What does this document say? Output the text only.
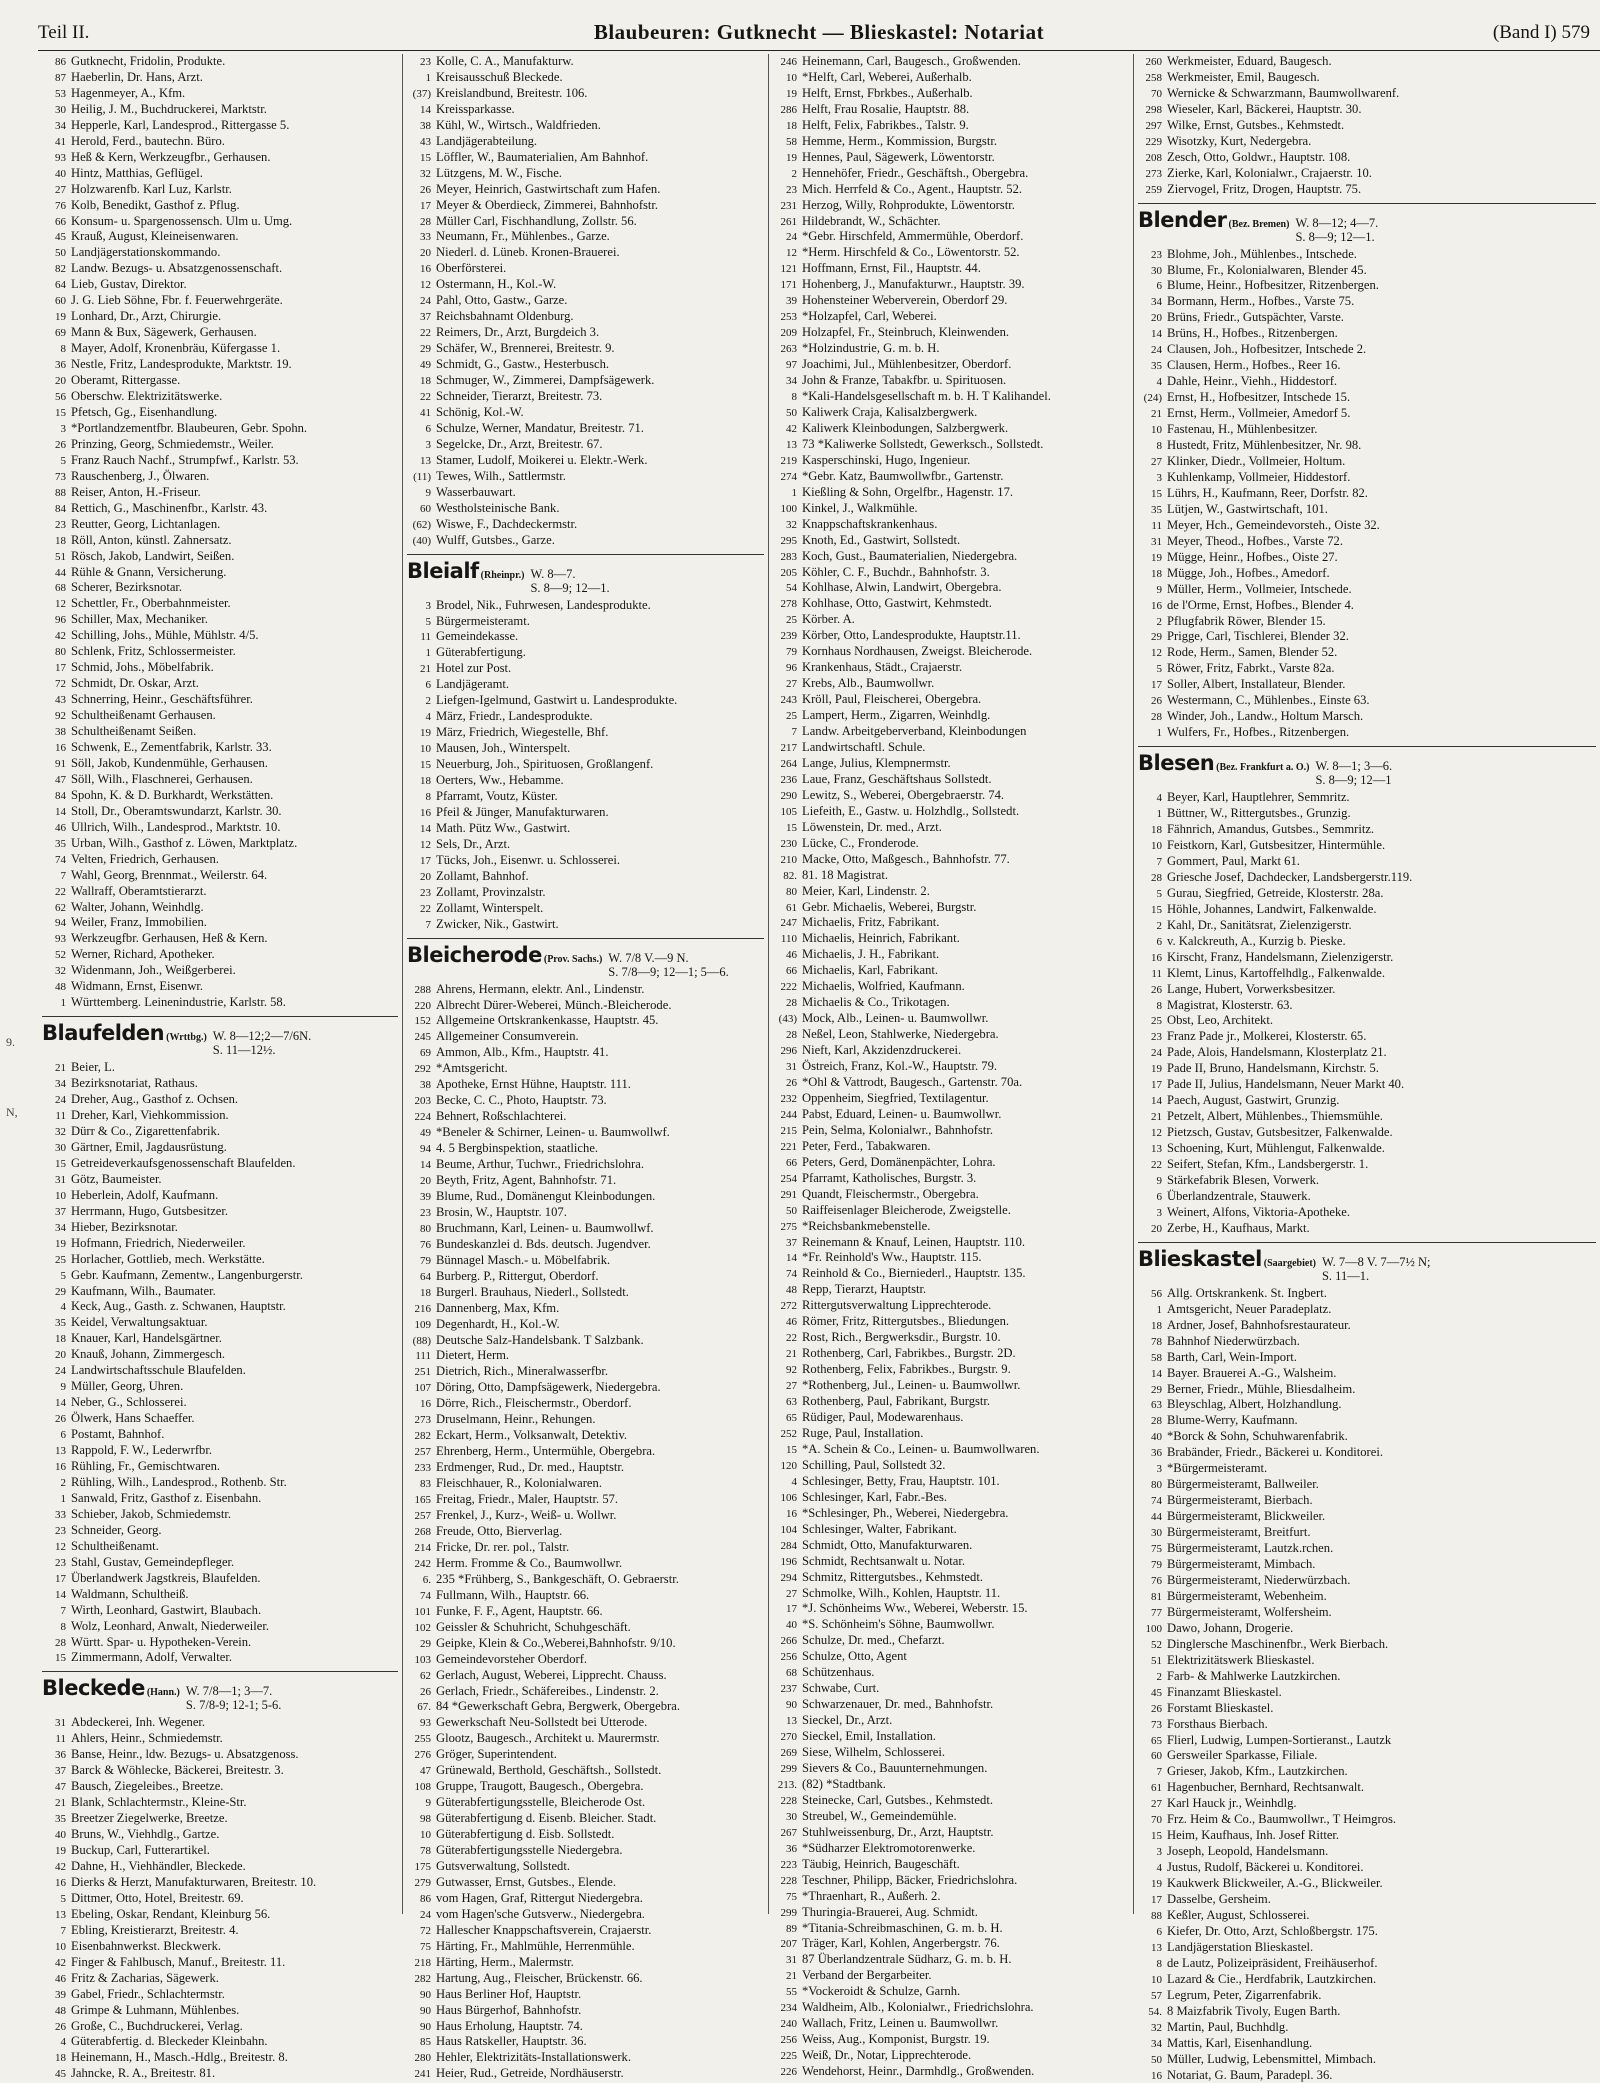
Teil II.	Blaubeuren: Gutknecht — Blieskastel: Notariat	(Band I) 579
86 Gutknecht, Fridolin, Produkte.
87 Haeberlin, Dr. Hans, Arzt.
53 Hagenmeyer, A., Kfm.
30 Heilig, J. M., Buchdruckerei, Marktstr.
34 Hepperle, Karl, Landesprod., Rittergasse 5.
41 Herold, Ferd., bautechn. Büro.
93 Heß & Kern, Werkzeugfbr., Gerhausen.
40 Hintz, Matthias, Geflügel.
27 Holzwarenfb. Karl Luz, Karlstr.
76 Kolb, Benedikt, Gasthof z. Pflug.
66 Konsum- u. Spargenossensch. Ulm u. Umg.
45 Krauß, August, Kleineisenwaren.
50 Landjägerstationskommando.
82 Landw. Bezugs- u. Absatzgenossenschaft.
64 Lieb, Gustav, Direktor.
60 J. G. Lieb Söhne, Fbr. f. Feuerwehrgeräte.
19 Lonhard, Dr., Arzt, Chirurgie.
69 Mann & Bux, Sägewerk, Gerhausen.
8 Mayer, Adolf, Kronenbräu, Küfergasse 1.
36 Nestle, Fritz, Landesprodukte, Marktstr. 19.
20 Oberamt, Rittergasse.
56 Oberschw. Elektrizitätswerke.
15 Pfetsch, Gg., Eisenhandlung.
3 *Portlandzementfbr. Blaubeuren, Gebr. Spohn.
26 Prinzing, Georg, Schmiedemstr., Weiler.
5 Franz Rauch Nachf., Strumpfwf., Karlstr. 53.
73 Rauschenberg, J., Ölwaren.
88 Reiser, Anton, H.-Friseur.
84 Rettich, G., Maschinenfbr., Karlstr. 43.
23 Reutter, Georg, Lichtanlagen.
18 Röll, Anton, künstl. Zahnersatz.
51 Rösch, Jakob, Landwirt, Seißen.
44 Rühle & Gnann, Versicherung.
68 Scherer, Bezirksnotar.
12 Schettler, Fr., Oberbahnmeister.
96 Schiller, Max, Mechaniker.
42 Schilling, Johs., Mühle, Mühlstr. 4/5.
80 Schlenk, Fritz, Schlossermeister.
17 Schmid, Johs., Möbelfabrik.
72 Schmidt, Dr. Oskar, Arzt.
43 Schnerring, Heinr., Geschäftsführer.
92 Schultheißenamt Gerhausen.
38 Schultheißenamt Seißen.
16 Schwenk, E., Zementfabrik, Karlstr. 33.
91 Söll, Jakob, Kundenmühle, Gerhausen.
47 Söll, Wilh., Flaschnerei, Gerhausen.
84 Spohn, K. & D. Burkhardt, Werkstätten.
14 Stoll, Dr., Oberamtswundarzt, Karlstr. 30.
46 Ullrich, Wilh., Landesprod., Marktstr. 10.
35 Urban, Wilh., Gasthof z. Löwen, Marktplatz.
74 Velten, Friedrich, Gerhausen.
7 Wahl, Georg, Brennmat., Weilerstr. 64.
22 Wallraff, Oberamtstierarzt.
62 Walter, Johann, Weinhdlg.
94 Weiler, Franz, Immobilien.
93 Werkzeugfbr. Gerhausen, Heß & Kern.
52 Werner, Richard, Apotheker.
32 Widenmann, Joh., Weißgerberei.
48 Widmann, Ernst, Eisenwr.
1 Württemberg. Leinenindustrie, Karlstr. 58.
Blaufelden (Wrttbg.) W. 8—12;2—7/6N.
S. 11—12½.
21 Beier, L.
34 Bezirksnotariat, Rathaus.
24 Dreher, Aug., Gasthof z. Ochsen.
11 Dreher, Karl, Viehkommission.
32 Dürr & Co., Zigarettenfabrik.
30 Gärtner, Emil, Jagdausrüstung.
15 Getreideverkaufsgenossenschaft Blaufelden.
31 Götz, Baumeister.
10 Heberlein, Adolf, Kaufmann.
37 Herrmann, Hugo, Gutsbesitzer.
34 Hieber, Bezirksnotar.
19 Hofmann, Friedrich, Niederweiler.
25 Horlacher, Gottlieb, mech. Werkstätte.
5 Gebr. Kaufmann, Zementw., Langenburgerstr.
29 Kaufmann, Wilh., Baumater.
4 Keck, Aug., Gasth. z. Schwanen, Hauptstr.
35 Keidel, Verwaltungsaktuar.
18 Knauer, Karl, Handelsgärtner.
20 Knauß, Johann, Zimmergesch.
24 Landwirtschaftsschule Blaufelden.
9 Müller, Georg, Uhren.
14 Neber, G., Schlosserei.
26 Ölwerk, Hans Schaeffer.
6 Postamt, Bahnhof.
13 Rappold, F. W., Lederwrfbr.
16 Rühling, Fr., Gemischtwaren.
2 Rühling, Wilh., Landesprod., Rothenb. Str.
1 Sanwald, Fritz, Gasthof z. Eisenbahn.
33 Schieber, Jakob, Schmiedemstr.
23 Schneider, Georg.
12 Schultheißenamt.
23 Stahl, Gustav, Gemeindepfleger.
17 Überlandwerk Jagstkreis, Blaufelden.
14 Waldmann, Schultheiß.
7 Wirth, Leonhard, Gastwirt, Blaubach.
8 Wolz, Leonhard, Anwalt, Niederweiler.
28 Württ. Spar- u. Hypotheken-Verein.
15 Zimmermann, Adolf, Verwalter.
Bleckede (Hann.) W. 7/8—1; 3—7.
S. 7/8-9; 12-1; 5-6.
31 Abdeckerei, Inh. Wegener.
11 Ahlers, Heinr., Schmiedemstr.
36 Banse, Heinr., ldw. Bezugs- u. Absatzgenoss.
37 Barck & Wöhlecke, Bäckerei, Breitestr. 3.
47 Bausch, Ziegeleibes., Breetze.
21 Blank, Schlachtermstr., Kleine-Str.
35 Breetzer Ziegelwerke, Breetze.
40 Bruns, W., Viehhdlg., Gartze.
19 Buckup, Carl, Futterartikel.
42 Dahne, H., Viehhändler, Bleckede.
16 Dierks & Herzt, Manufakturwaren, Breitestr. 10.
5 Dittmer, Otto, Hotel, Breitestr. 69.
13 Ebeling, Oskar, Rendant, Kleinburg 56.
7 Ebling, Kreistierarzt, Breitestr. 4.
10 Eisenbahnwerkst. Bleckwerk.
42 Finger & Fahlbusch, Manuf., Breitestr. 11.
46 Fritz & Zacharias, Sägewerk.
39 Gabel, Friedr., Schlachtermstr.
48 Grimpe & Luhmann, Mühlenbes.
26 Große, C., Buchdruckerei, Verlag.
4 Güterabfertig. d. Bleckeder Kleinbahn.
18 Heinemann, H., Masch.-Hdlg., Breitestr. 8.
45 Jahncke, R. A., Breitestr. 81.
23 Kolle, C. A., Manufakturw.
1 Kreisausschuß Bleckede.
(37) Kreislandbund, Breitestr. 106.
14 Kreissparkasse.
38 Kühl, W., Wirtsch., Waldfrieden.
43 Landjägerabteilung.
15 Löffler, W., Baumaterialien, Am Bahnhof.
32 Lützgens, M. W., Fische.
26 Meyer, Heinrich, Gastwirtschaft zum Hafen.
17 Meyer & Oberdieck, Zimmerei, Bahnhofstr.
28 Müller Carl, Fischhandlung, Zollstr. 56.
33 Neumann, Fr., Mühlenbes., Garze.
20 Niederl. d. Lüneb. Kronen-Brauerei.
16 Oberförsterei.
12 Ostermann, H., Kol.-W.
24 Pahl, Otto, Gastw., Garze.
37 Reichsbahnamt Oldenburg.
22 Reimers, Dr., Arzt, Burgdeich 3.
29 Schäfer, W., Brennerei, Breitestr. 9.
49 Schmidt, G., Gastw., Hesterbusch.
18 Schmuger, W., Zimmerei, Dampfsägewerk.
22 Schneider, Tierarzt, Breitestr. 73.
41 Schönig, Kol.-W.
6 Schulze, Werner, Mandatur, Breitestr. 71.
3 Segelcke, Dr., Arzt, Breitestr. 67.
13 Stamer, Ludolf, Moikerei u. Elektr.-Werk.
(11) Tewes, Wilh., Sattlermstr.
9 Wasserbauwart.
60 Westholsteinische Bank.
(62) Wiswe, F., Dachdeckermstr.
(40) Wulff, Gutsbes., Garze.
Bleialf (Rheinpr.) W. 8—7.
S. 8—9; 12—1.
3 Brodel, Nik., Fuhrwesen, Landesprodukte.
5 Bürgermeisteramt.
11 Gemeindekasse.
1 Güterabfertigung.
21 Hotel zur Post.
6 Landjägeramt.
2 Liefgen-Igelmund, Gastwirt u. Landesprodukte.
4 März, Friedr., Landesprodukte.
19 März, Friedrich, Wiegestelle, Bhf.
10 Mausen, Joh., Winterspelt.
15 Neuerburg, Joh., Spirituosen, Großlangenf.
18 Oerters, Ww., Hebamme.
8 Pfarramt, Voutz, Küster.
16 Pfeil & Jünger, Manufakturwaren.
14 Math. Pütz Ww., Gastwirt.
12 Sels, Dr., Arzt.
17 Tücks, Joh., Eisenwr. u. Schlosserei.
20 Zollamt, Bahnhof.
23 Zollamt, Provinzalstr.
22 Zollamt, Winterspelt.
7 Zwicker, Nik., Gastwirt.
Bleicherode (Prov. Sachs.) W. 7/8 V.—9 N.
S. 7/8—9; 12—1; 5—6.
288 Ahrens, Hermann, elektr. Anl., Lindenstr.
220 Albrecht Dürer-Weberei, Münch.-Bleicherode.
152 Allgemeine Ortskrankenkasse, Hauptstr. 45.
245 Allgemeiner Consumverein.
69 Ammon, Alb., Kfm., Hauptstr. 41.
292 *Amtsgericht.
38 Apotheke, Ernst Hühne, Hauptstr. 111.
203 Becke, C. C., Photo, Hauptstr. 73.
224 Behnert, Roßschlachterei.
49 *Beneler & Schirner, Leinen- u. Baumwollwf.
94 4. 5 Bergbinspektion, staatliche.
14 Beume, Arthur, Tuchwr., Friedrichslohra.
20 Beyth, Fritz, Agent, Bahnhofstr. 71.
39 Blume, Rud., Domänengut Kleinbodungen.
23 Brosin, W., Hauptstr. 107.
80 Bruchmann, Karl, Leinen- u. Baumwollwf.
76 Bundeskanzlei d. Bds. deutsch. Jugendver.
79 Bünnagel Masch.- u. Möbelfabrik.
64 Burberg. P., Rittergut, Oberdorf.
18 Burgerl. Brauhaus, Niederl., Sollstedt.
216 Dannenberg, Max, Kfm.
109 Degenhardt, H., Kol.-W.
(88) Deutsche Salz-Handelsbank. T Salzbank.
111 Dietert, Herm.
251 Dietrich, Rich., Mineralwasserfbr.
107 Döring, Otto, Dampfsägewerk, Niedergebra.
16 Dörre, Rich., Fleischermstr., Oberdorf.
273 Druselmann, Heinr., Rehungen.
282 Eckart, Herm., Volksanwalt, Detektiv.
257 Ehrenberg, Herm., Untermühle, Obergebra.
233 Erdmenger, Rud., Dr. med., Hauptstr.
83 Fleischhauer, R., Kolonialwaren.
165 Freitag, Friedr., Maler, Hauptstr. 57.
257 Frenkel, J., Kurz-, Weiß- u. Wollwr.
268 Freude, Otto, Bierverlag.
214 Fricke, Dr. rer. pol., Talstr.
242 Herm. Fromme & Co., Baumwollwr.
6. 235 *Frühberg, S., Bankgeschäft, O. Gebraerstr.
74 Fullmann, Wilh., Hauptstr. 66.
101 Funke, F. F., Agent, Hauptstr. 66.
102 Geissler & Schuhricht, Schuhgeschäft.
29 Geipke, Klein & Co.,Weberei,Bahnhofstr. 9/10.
103 Gemeindevorsteher Oberdorf.
62 Gerlach, August, Weberei, Lipprecht. Chauss.
26 Gerlach, Friedr., Schäfereibes., Lindenstr. 2.
67. 84 *Gewerkschaft Gebra, Bergwerk, Obergebra.
93 Gewerkschaft Neu-Sollstedt bei Utterode.
255 Glootz, Baugesch., Architekt u. Maurermstr.
276 Gröger, Superintendent.
47 Grünewald, Berthold, Geschäftsh., Sollstedt.
108 Gruppe, Traugott, Baugesch., Obergebra.
9 Güterabfertigungsstelle, Bleicherode Ost.
98 Güterabfertigung d. Eisenb. Bleicher. Stadt.
10 Güterabfertigung d. Eisb. Sollstedt.
78 Güterabfertigungsstelle Niedergebra.
175 Gutsverwaltung, Sollstedt.
279 Gutwasser, Ernst, Gutsbes., Elende.
86 vom Hagen, Graf, Rittergut Niedergebra.
24 vom Hagen'sche Gutsverw., Niedergebra.
72 Hallescher Knappschaftsverein, Crajaerstr.
75 Härting, Fr., Mahlmühle, Herrenmühle.
218 Härting, Herm., Malermstr.
282 Hartung, Aug., Fleischer, Brückenstr. 66.
90 Haus Berliner Hof, Hauptstr.
90 Haus Bürgerhof, Bahnhofstr.
90 Haus Erholung, Hauptstr. 74.
85 Haus Ratskeller, Hauptstr. 36.
280 Hehler, Elektrizitäts-Installationswerk.
241 Heier, Rud., Getreide, Nordhäuserstr.
246 Heinemann, Carl, Baugesch., Großwenden.
10 *Helft, Carl, Weberei, Außerhalb.
19 Helft, Ernst, Fbrkbes., Außerhalb.
286 Helft, Frau Rosalie, Hauptstr. 88.
18 Helft, Felix, Fabrikbes., Talstr. 9.
58 Hemme, Herm., Kommission, Burgstr.
19 Hennes, Paul, Sägewerk, Löwentorstr.
2 Hennehöfer, Friedr., Geschäftsh., Obergebra.
23 Mich. Herrfeld & Co., Agent., Hauptstr. 52.
231 Herzog, Willy, Rohprodukte, Löwentorstr.
261 Hildebrandt, W., Schächter.
24 *Gebr. Hirschfeld, Ammermühle, Oberdorf.
12 *Herm. Hirschfeld & Co., Löwentorstr. 52.
121 Hoffmann, Ernst, Fil., Hauptstr. 44.
171 Hohenberg, J., Manufakturwr., Hauptstr. 39.
39 Hohensteiner Weberverein, Oberdorf 29.
253 *Holzapfel, Carl, Weberei.
209 Holzapfel, Fr., Steinbruch, Kleinwenden.
263 *Holzindustrie, G. m. b. H.
97 Joachimi, Jul., Mühlenbesitzer, Oberdorf.
34 John & Franze, Tabakfbr. u. Spirituosen.
8 *Kali-Handelsgesellschaft m. b. H. T Kalihandel.
50 Kaliwerk Craja, Kalisalzbergwerk.
42 Kaliwerk Kleinbodungen, Salzbergwerk.
13 73 *Kaliwerke Sollstedt, Gewerksch., Sollstedt.
219 Kasperschinski, Hugo, Ingenieur.
274 *Gebr. Katz, Baumwollwfbr., Gartenstr.
1 Kießling & Sohn, Orgelfbr., Hagenstr. 17.
100 Kinkel, J., Walkmühle.
32 Knappschaftskrankenhaus.
295 Knoth, Ed., Gastwirt, Sollstedt.
283 Koch, Gust., Baumaterialien, Niedergebra.
205 Köhler, C. F., Buchdr., Bahnhofstr. 3.
54 Kohlhase, Alwin, Landwirt, Obergebra.
278 Kohlhase, Otto, Gastwirt, Kehmstedt.
25 Körber. A.
239 Körber, Otto, Landesprodukte, Hauptstr.11.
79 Kornhaus Nordhausen, Zweigst. Bleicherode.
96 Krankenhaus, Städt., Crajaerstr.
27 Krebs, Alb., Baumwollwr.
243 Kröll, Paul, Fleischerei, Obergebra.
25 Lampert, Herm., Zigarren, Weinhdlg.
7 Landw. Arbeitgeberverband, Kleinbodungen
217 Landwirtschaftl. Schule.
264 Lange, Julius, Klempnermstr.
236 Laue, Franz, Geschäftshaus Sollstedt.
290 Lewitz, S., Weberei, Obergebraerstr. 74.
105 Liefeith, E., Gastw. u. Holzhdlg., Sollstedt.
15 Löwenstein, Dr. med., Arzt.
230 Lücke, C., Fronderode.
210 Macke, Otto, Maßgesch., Bahnhofstr. 77.
82. 81. 18 Magistrat.
80 Meier, Karl, Lindenstr. 2.
61 Gebr. Michaelis, Weberei, Burgstr.
247 Michaelis, Fritz, Fabrikant.
110 Michaelis, Heinrich, Fabrikant.
46 Michaelis, J. H., Fabrikant.
66 Michaelis, Karl, Fabrikant.
222 Michaelis, Wolfried, Kaufmann.
28 Michaelis & Co., Trikotagen.
(43) Mock, Alb., Leinen- u. Baumwollwr.
28 Neßel, Leon, Stahlwerke, Niedergebra.
296 Nieft, Karl, Akzidenzdruckerei.
31 Östreich, Franz, Kol.-W., Hauptstr. 79.
26 *Ohl & Vattrodt, Baugesch., Gartenstr. 70a.
232 Oppenheim, Siegfried, Textilagentur.
244 Pabst, Eduard, Leinen- u. Baumwollwr.
215 Pein, Selma, Kolonialwr., Bahnhofstr.
221 Peter, Ferd., Tabakwaren.
66 Peters, Gerd, Domänenpächter, Lohra.
254 Pfarramt, Katholisches, Burgstr. 3.
291 Quandt, Fleischermstr., Obergebra.
50 Raiffeisenlager Bleicherode, Zweigstelle.
275 *Reichsbankmebenstelle.
37 Reinemann & Knauf, Leinen, Hauptstr. 110.
14 *Fr. Reinhold's Ww., Hauptstr. 115.
74 Reinhold & Co., Bierniederl., Hauptstr. 135.
48 Repp, Tierarzt, Hauptstr.
272 Rittergutsverwaltung Lipprechterode.
46 Römer, Fritz, Rittergutsbes., Bliedungen.
22 Rost, Rich., Bergwerksdir., Burgstr. 10.
21 Rothenberg, Carl, Fabrikbes., Burgstr. 2D.
92 Rothenberg, Felix, Fabrikbes., Burgstr. 9.
27 *Rothenberg, Jul., Leinen- u. Baumwollwr.
63 Rothenberg, Paul, Fabrikant, Burgstr.
65 Rüdiger, Paul, Modewarenhaus.
252 Ruge, Paul, Installation.
15 *A. Schein & Co., Leinen- u. Baumwollwaren.
120 Schilling, Paul, Sollstedt 32.
4 Schlesinger, Betty, Frau, Hauptstr. 101.
106 Schlesinger, Karl, Fabr.-Bes.
16 *Schlesinger, Ph., Weberei, Niedergebra.
104 Schlesinger, Walter, Fabrikant.
284 Schmidt, Otto, Manufakturwaren.
196 Schmidt, Rechtsanwalt u. Notar.
294 Schmitz, Rittergutsbes., Kehmstedt.
27 Schmolke, Wilh., Kohlen, Hauptstr. 11.
17 *J. Schönheims Ww., Weberei, Weberstr. 15.
40 *S. Schönheim's Söhne, Baumwollwr.
266 Schulze, Dr. med., Chefarzt.
256 Schulze, Otto, Agent
68 Schützenhaus.
237 Schwabe, Curt.
90 Schwarzenauer, Dr. med., Bahnhofstr.
13 Sieckel, Dr., Arzt.
270 Sieckel, Emil, Installation.
269 Siese, Wilhelm, Schlosserei.
299 Sievers & Co., Bauunternehmungen.
213. (82) *Stadtbank.
228 Steinecke, Carl, Gutsbes., Kehmstedt.
30 Streubel, W., Gemeindemühle.
267 Stuhlweissenburg, Dr., Arzt, Hauptstr.
36 *Südharzer Elektromotorenwerke.
223 Täubig, Heinrich, Baugeschäft.
228 Teschner, Philipp, Bäcker, Friedrichslohra.
75 *Thraenhart, R., Außerh. 2.
299 Thuringia-Brauerei, Aug. Schmidt.
89 *Titania-Schreibmaschinen, G. m. b. H.
207 Träger, Karl, Kohlen, Angerbergstr. 76.
31 87 Überlandzentrale Südharz, G. m. b. H.
21 Verband der Bergarbeiter.
55 *Vockeroidt & Schulze, Garnh.
234 Waldheim, Alb., Kolonialwr., Friedrichslohra.
240 Wallach, Fritz, Leinen u. Baumwollwr.
256 Weiss, Aug., Komponist, Burgstr. 19.
225 Weiß, Dr., Notar, Lipprechterode.
226 Wendehorst, Heinr., Darmhdlg., Großwenden.
260 Werkmeister, Eduard, Baugesch.
258 Werkmeister, Emil, Baugesch.
70 Wernicke & Schwarzmann, Baumwollwarenf.
298 Wieseler, Karl, Bäckerei, Hauptstr. 30.
297 Wilke, Ernst, Gutsbes., Kehmstedt.
229 Wisotzky, Kurt, Nedergebra.
208 Zesch, Otto, Goldwr., Hauptstr. 108.
273 Zierke, Karl, Kolonialwr., Crajaerstr. 10.
259 Ziervogel, Fritz, Drogen, Hauptstr. 75.
Blender (Bez. Bremen) W. 8—12; 4—7.
S. 8—9; 12—1.
23 Blohme, Joh., Mühlenbes., Intschede.
30 Blume, Fr., Kolonialwaren, Blender 45.
6 Blume, Heinr., Hofbesitzer, Ritzenbergen.
34 Bormann, Herm., Hofbes., Varste 75.
20 Brüns, Friedr., Gutspächter, Varste.
14 Brüns, H., Hofbes., Ritzenbergen.
24 Clausen, Joh., Hofbesitzer, Intschede 2.
35 Clausen, Herm., Hofbes., Reer 16.
4 Dahle, Heinr., Viehh., Hiddestorf.
(24) Ernst, H., Hofbesitzer, Intschede 15.
21 Ernst, Herm., Vollmeier, Amedorf 5.
10 Fastenau, H., Mühlenbesitzer.
8 Hustedt, Fritz, Mühlenbesitzer, Nr. 98.
27 Klinker, Diedr., Vollmeier, Holtum.
3 Kuhlenkamp, Vollmeier, Hiddestorf.
15 Lührs, H., Kaufmann, Reer, Dorfstr. 82.
35 Lütjen, W., Gastwirtschaft, 101.
11 Meyer, Hch., Gemeindevorsteh., Oiste 32.
31 Meyer, Theod., Hofbes., Varste 72.
19 Mügge, Heinr., Hofbes., Oiste 27.
18 Mügge, Joh., Hofbes., Amedorf.
9 Müller, Herm., Vollmeier, Intschede.
16 de l'Orme, Ernst, Hofbes., Blender 4.
2 Pflugfabrik Röwer, Blender 15.
29 Prigge, Carl, Tischlerei, Blender 32.
12 Rode, Herm., Samen, Blender 52.
5 Röwer, Fritz, Fabrkt., Varste 82a.
17 Soller, Albert, Installateur, Blender.
26 Westermann, C., Mühlenbes., Einste 63.
28 Winder, Joh., Landw., Holtum Marsch.
1 Wulfers, Fr., Hofbes., Ritzenbergen.
Blesen (Bez. Frankfurt a. O.) W. 8—1; 3—6.
S. 8—9; 12—1
4 Beyer, Karl, Hauptlehrer, Semmritz.
1 Büttner, W., Rittergutsbes., Grunzig.
18 Fähnrich, Amandus, Gutsbes., Semmritz.
10 Feistkorn, Karl, Gutsbesitzer, Hintermühle.
7 Gommert, Paul, Markt 61.
28 Griesche Josef, Dachdecker, Landsbergerstr.119.
5 Gurau, Siegfried, Getreide, Klosterstr. 28a.
15 Höhle, Johannes, Landwirt, Falkenwalde.
2 Kahl, Dr., Sanitätsrat, Zielenzigerstr.
6 v. Kalckreuth, A., Kurzig b. Pieske.
16 Kirscht, Franz, Handelsmann, Zielenzigerstr.
11 Klemt, Linus, Kartoffelhdlg., Falkenwalde.
26 Lange, Hubert, Vorwerksbesitzer.
8 Magistrat, Klosterstr. 63.
25 Obst, Leo, Architekt.
23 Franz Pade jr., Molkerei, Klosterstr. 65.
24 Pade, Alois, Handelsmann, Klosterplatz 21.
19 Pade II, Bruno, Handelsmann, Kirchstr. 5.
17 Pade II, Julius, Handelsmann, Neuer Markt 40.
14 Paech, August, Gastwirt, Grunzig.
21 Petzelt, Albert, Mühlenbes., Thiemsmühle.
12 Pietzsch, Gustav, Gutsbesitzer, Falkenwalde.
13 Schoening, Kurt, Mühlengut, Falkenwalde.
22 Seifert, Stefan, Kfm., Landsbergerstr. 1.
9 Stärkefabrik Blesen, Vorwerk.
6 Überlandzentrale, Stauwerk.
3 Weinert, Alfons, Viktoria-Apotheke.
20 Zerbe, H., Kaufhaus, Markt.
Blieskastel (Saargebiet) W. 7—8 V. 7—7½ N;
S. 11—1.
56 Allg. Ortskrankenk. St. Ingbert.
1 Amtsgericht, Neuer Paradeplatz.
18 Ardner, Josef, Bahnhofsrestaurateur.
78 Bahnhof Niederwürzbach.
58 Barth, Carl, Wein-Import.
14 Bayer. Brauerei A.-G., Walsheim.
29 Berner, Friedr., Mühle, Bliesdalheim.
63 Bleyschlag, Albert, Holzhandlung.
28 Blume-Werry, Kaufmann.
40 *Borck & Sohn, Schuhwarenfabrik.
36 Brabänder, Friedr., Bäckerei u. Konditorei.
3 *Bürgermeisteramt.
80 Bürgermeisteramt, Ballweiler.
74 Bürgermeisteramt, Bierbach.
44 Bürgermeisteramt, Blickweiler.
30 Bürgermeisteramt, Breitfurt.
75 Bürgermeisteramt, Lautzk.rchen.
79 Bürgermeisteramt, Mimbach.
76 Bürgermeisteramt, Niederwürzbach.
81 Bürgermeisteramt, Webenheim.
77 Bürgermeisteramt, Wolfersheim.
100 Dawo, Johann, Drogerie.
52 Dinglersche Maschinenfbr., Werk Bierbach.
51 Elektrizitätswerk Blieskastel.
2 Farb- & Mahlwerke Lautzkirchen.
45 Finanzamt Blieskastel.
26 Forstamt Blieskastel.
73 Forsthaus Bierbach.
65 Flierl, Ludwig, Lumpen-Sortieranst., Lautzk
60 Gersweiler Sparkasse, Filiale.
7 Grieser, Jakob, Kfm., Lautzkirchen.
61 Hagenbucher, Bernhard, Rechtsanwalt.
27 Karl Hauck jr., Weinhdlg.
70 Frz. Heim & Co., Baumwollwr., T Heimgros.
15 Heim, Kaufhaus, Inh. Josef Ritter.
3 Joseph, Leopold, Handelsmann.
4 Justus, Rudolf, Bäckerei u. Konditorei.
19 Kaukwerk Blickweiler, A.-G., Blickweiler.
17 Dasselbe, Gersheim.
88 Keßler, August, Schlosserei.
6 Kiefer, Dr. Otto, Arzt, Schloßbergstr. 175.
13 Landjägerstation Blieskastel.
8 de Lautz, Polizeipräsident, Freihäuserhof.
10 Lazard & Cie., Herdfabrik, Lautzkirchen.
57 Legrum, Peter, Zigarrenfabrik.
54. 8 Maizfabrik Tivoly, Eugen Barth.
32 Martin, Paul, Buchhdlg.
34 Mattis, Karl, Eisenhandlung.
50 Müller, Ludwig, Lebensmittel, Mimbach.
16 Notariat, G. Baum, Paradepl. 36.
9.
N,
